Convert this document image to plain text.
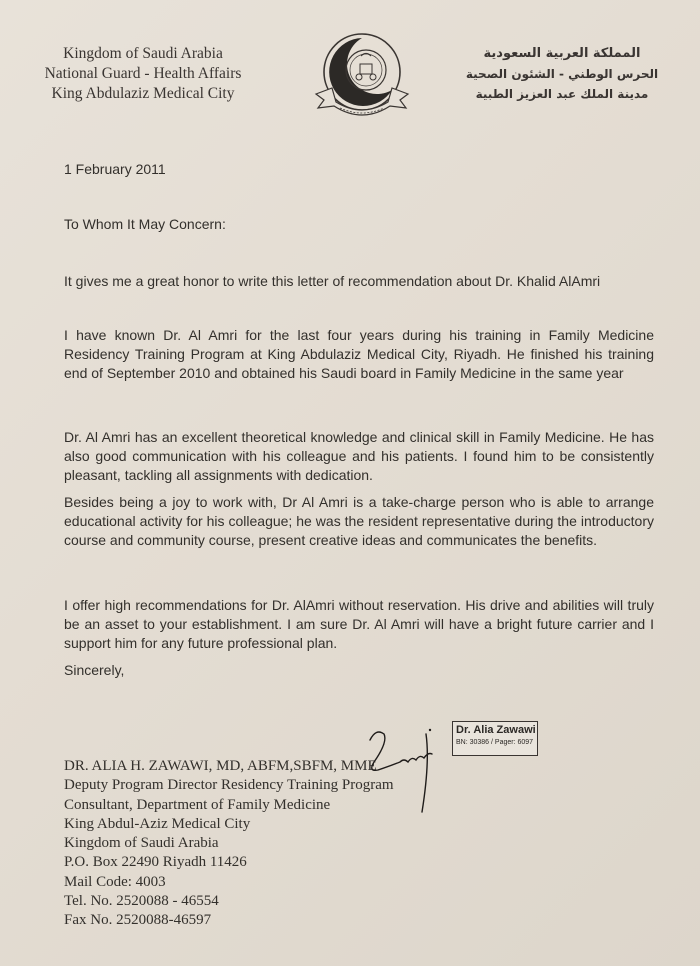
Kingdom of Saudi Arabia
National Guard - Health Affairs
King Abdulaziz Medical City
المملكة العربية السعودية
الحرس الوطني - الشئون الصحية
مدينة الملك عبد العزيز الطبية
1 February 2011
To Whom It May Concern:
It gives me a great honor to write this letter of recommendation about Dr. Khalid AlAmri
I have known Dr. Al Amri for the last four years during his training in Family Medicine Residency Training Program at King Abdulaziz Medical City, Riyadh. He finished his training end of September 2010 and obtained his Saudi board in Family Medicine in the same year
Dr. Al Amri has an excellent theoretical knowledge and clinical skill in Family Medicine. He has also good communication with his colleague and his patients. I found him to be consistently pleasant, tackling all assignments with dedication.
Besides being a joy to work with, Dr Al Amri is a take-charge person who is able to arrange educational activity for his colleague; he was the resident representative during the introductory course and community course, present creative ideas and communicates the benefits.
I offer high recommendations for Dr. AlAmri without reservation. His drive and abilities will truly be an asset to your establishment. I am sure Dr. Al Amri will have a bright future carrier and I support him for any future professional plan.
Sincerely,
DR. ALIA H. ZAWAWI, MD, ABFM,SBFM, MME
Deputy Program Director Residency Training Program
Consultant, Department of Family Medicine
King Abdul-Aziz Medical City
Kingdom of Saudi Arabia
P.O. Box 22490 Riyadh 11426
Mail Code: 4003
Tel. No. 2520088 - 46554
Fax No. 2520088-46597
Dr. Alia Zawawi
BN: 30386 / Pager: 6097
